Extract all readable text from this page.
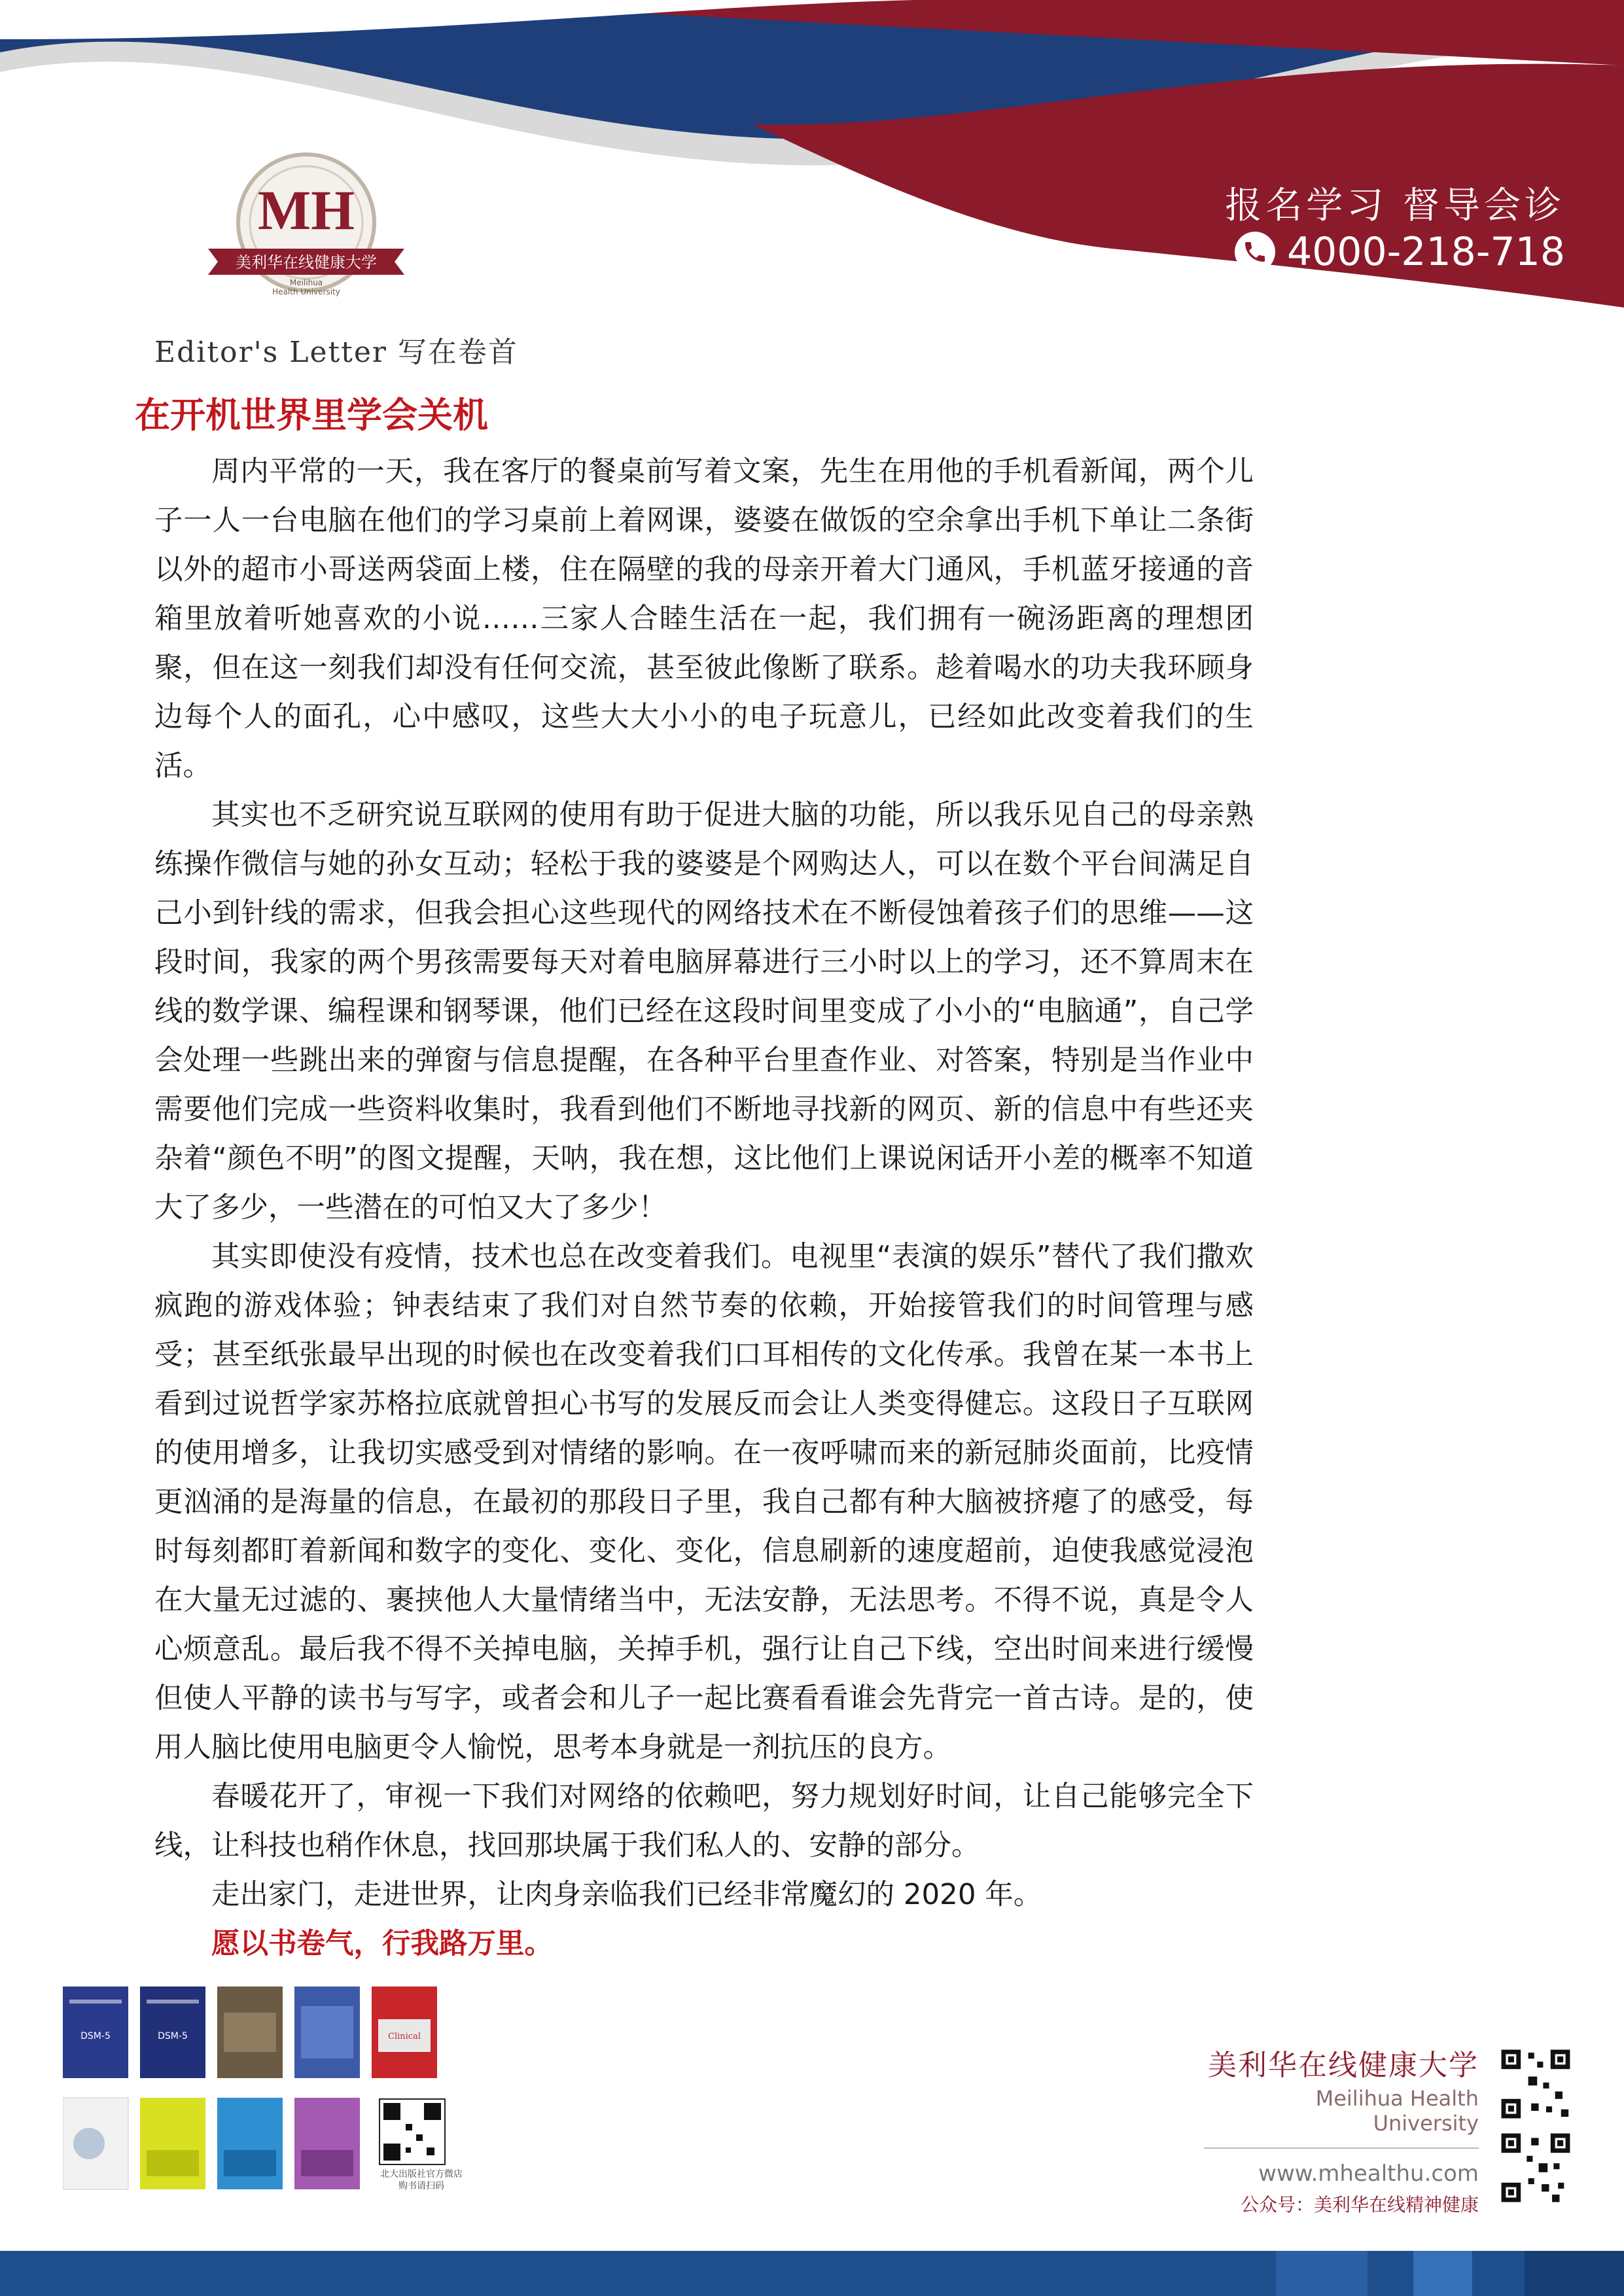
MH
美利华在线健康大学
Meilihua
Health University
报名学习 督导会诊
4000-218-718
Editor's Letter 写在卷首
在开机世界里学会关机

周内平常的一天，我在客厅的餐桌前写着文案，先生在用他的手机看新闻，两个儿子一人一台电脑在他们的学习桌前上着网课，婆婆在做饭的空余拿出手机下单让二条街以外的超市小哥送两袋面上楼，住在隔壁的我的母亲开着大门通风，手机蓝牙接通的音箱里放着听她喜欢的小说……三家人合睦生活在一起，我们拥有一碗汤距离的理想团聚，但在这一刻我们却没有任何交流，甚至彼此像断了联系。趁着喝水的功夫我环顾身边每个人的面孔，心中感叹，这些大大小小的电子玩意儿，已经如此改变着我们的生活。

其实也不乏研究说互联网的使用有助于促进大脑的功能，所以我乐见自己的母亲熟练操作微信与她的孙女互动；轻松于我的婆婆是个网购达人，可以在数个平台间满足自己小到针线的需求，但我会担心这些现代的网络技术在不断侵蚀着孩子们的思维——这段时间，我家的两个男孩需要每天对着电脑屏幕进行三小时以上的学习，还不算周末在线的数学课、编程课和钢琴课，他们已经在这段时间里变成了小小的“电脑通”，自己学会处理一些跳出来的弹窗与信息提醒，在各种平台里查作业、对答案，特别是当作业中需要他们完成一些资料收集时，我看到他们不断地寻找新的网页、新的信息中有些还夹杂着“颜色不明”的图文提醒，天呐，我在想，这比他们上课说闲话开小差的概率不知道大了多少，一些潜在的可怕又大了多少！

其实即使没有疫情，技术也总在改变着我们。电视里“表演的娱乐”替代了我们撒欢疯跑的游戏体验；钟表结束了我们对自然节奏的依赖，开始接管我们的时间管理与感受；甚至纸张最早出现的时候也在改变着我们口耳相传的文化传承。我曾在某一本书上看到过说哲学家苏格拉底就曾担心书写的发展反而会让人类变得健忘。这段日子互联网的使用增多，让我切实感受到对情绪的影响。在一夜呼啸而来的新冠肺炎面前，比疫情更汹涌的是海量的信息，在最初的那段日子里，我自己都有种大脑被挤瘪了的感受，每时每刻都盯着新闻和数字的变化、变化、变化，信息刷新的速度超前，迫使我感觉浸泡在大量无过滤的、裹挟他人大量情绪当中，无法安静，无法思考。不得不说，真是令人心烦意乱。最后我不得不关掉电脑，关掉手机，强行让自己下线，空出时间来进行缓慢但使人平静的读书与写字，或者会和儿子一起比赛看看谁会先背完一首古诗。是的，使用人脑比使用电脑更令人愉悦，思考本身就是一剂抗压的良方。

春暖花开了，审视一下我们对网络的依赖吧，努力规划好时间，让自己能够完全下线，让科技也稍作休息，找回那块属于我们私人的、安静的部分。

走出家门，走进世界，让肉身亲临我们已经非常魔幻的 2020 年。

愿以书卷气，行我路万里。

DSM-5	DSM-5	Clinical
北大出版社官方微店
购书请扫码
美利华在线健康大学
Meilihua Health University
www.mhealthu.com
公众号：美利华在线精神健康
